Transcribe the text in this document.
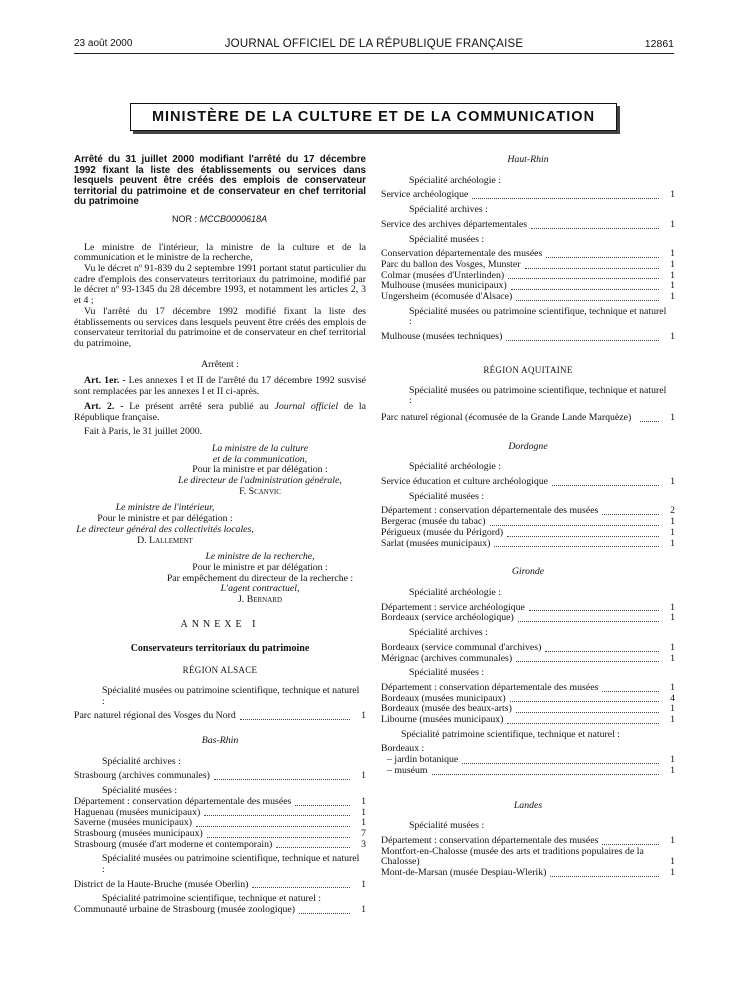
23 août 2000	JOURNAL OFFICIEL DE LA RÉPUBLIQUE FRANÇAISE	12861
MINISTÈRE DE LA CULTURE ET DE LA COMMUNICATION

Arrêté du 31 juillet 2000 modifiant l'arrêté du 17 décembre 1992 fixant la liste des établissements ou services dans lesquels peuvent être créés des emplois de conservateur territorial du patrimoine et de conservateur en chef territorial du patrimoine

NOR : MCCB0000618A

Le ministre de l'intérieur, la ministre de la culture et de la communication et le ministre de la recherche,

Vu le décret nº 91-839 du 2 septembre 1991 portant statut particulier du cadre d'emplois des conservateurs territoriaux du patrimoine, modifié par le décret nº 93-1345 du 28 décembre 1993, et notamment les articles 2, 3 et 4 ;

Vu l'arrêté du 17 décembre 1992 modifié fixant la liste des établissements ou services dans lesquels peuvent être créés des emplois de conservateur territorial du patrimoine et de conservateur en chef territorial du patrimoine,

Arrêtent :

Art. 1er. - Les annexes I et II de l'arrêté du 17 décembre 1992 susvisé sont remplacées par les annexes I et II ci-après.

Art. 2. - Le présent arrêté sera publié au Journal officiel de la République française.

Fait à Paris, le 31 juillet 2000.

La ministre de la culture

et de la communication,

Pour la ministre et par délégation :

Le directeur de l'administration générale,

F. Scanvic

Le ministre de l'intérieur,

Pour le ministre et par délégation :

Le directeur général des collectivités locales,

D. Lallement

Le ministre de la recherche,

Pour le ministre et par délégation :

Par empêchement du directeur de la recherche :

L'agent contractuel,

J. Bernard

ANNEXE I

Conservateurs territoriaux du patrimoine

RÉGION ALSACE

Spécialité musées ou patrimoine scientifique, technique et naturel :

Parc naturel régional des Vosges du Nord	1

Bas-Rhin

Spécialité archives :

Strasbourg (archives communales)	1

Spécialité musées :

Département : conservation départementale des musées	1
Haguenau (musées municipaux)	1
Saverne (musées municipaux)	1
Strasbourg (musées municipaux)	7
Strasbourg (musée d'art moderne et contemporain)	3

Spécialité musées ou patrimoine scientifique, technique et naturel :

District de la Haute-Bruche (musée Oberlin)	1

Spécialité patrimoine scientifique, technique et naturel :

Communauté urbaine de Strasbourg (musée zoologique)	1

Haut-Rhin

Spécialité archéologie :

Service archéologique	1

Spécialité archives :

Service des archives départementales	1

Spécialité musées :

Conservation départementale des musées	1
Parc du ballon des Vosges, Munster	1
Colmar (musées d'Unterlinden)	1
Mulhouse (musées municipaux)	1
Ungersheim (écomusée d'Alsace)	1

Spécialité musées ou patrimoine scientifique, technique et naturel :

Mulhouse (musées techniques)	1

RÉGION AQUITAINE

Spécialité musées ou patrimoine scientifique, technique et naturel :

Parc naturel régional (écomusée de la Grande Lande Marquèze)	1

Dordogne

Spécialité archéologie :

Service éducation et culture archéologique	1

Spécialité musées :

Département : conservation départementale des musées	2
Bergerac (musée du tabac)	1
Périgueux (musée du Périgord)	1
Sarlat (musées municipaux)	1

Gironde

Spécialité archéologie :

Département : service archéologique	1
Bordeaux (service archéologique)	1

Spécialité archives :

Bordeaux (service communal d'archives)	1
Mérignac (archives communales)	1

Spécialité musées :

Département : conservation départementale des musées	1
Bordeaux (musées municipaux)	4
Bordeaux (musée des beaux-arts)	1
Libourne (musées municipaux)	1

Spécialité patrimoine scientifique, technique et naturel :

Bordeaux :

– jardin botanique	1
– muséum	1

Landes

Spécialité musées :

Département : conservation départementale des musées	1
Montfort-en-Chalosse (musée des arts et traditions populaires de la Chalosse)	1
Mont-de-Marsan (musée Despiau-Wlerik)	1
